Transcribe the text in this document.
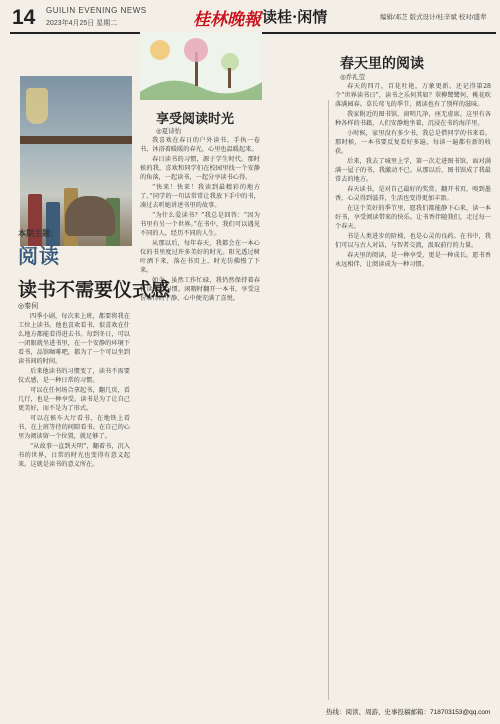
14 GUILIN EVENING NEWS
2023年4月25日 星期二	桂林晚報 读桂·闲情	编辑/邓芝 版式设计/桂辛斌 校对/盛辈
本期主题：
阅读
读书不需要仪式感
◎秦伺

四季小剧，每次来上班，都要将我在工位上读书。他也喜欢看书，很喜欢在什么地方都能看得进去书。每到冬日，可以一闭眼就坐进书里，在一个安静的环境下看书，品馆咖啡吧，都为了一个可以坐到读书间的时间。

后来他读书的习惯变了，读书不需要仪式感，是一种日常的习惯。

可以在任何场合拿起书，翻几页，看几行，也是一种享受。读书是为了让自己更美好，而不是为了形式。

可以在候车大厅看书，在地铁上看书，在上班等待的间隙看书。在自己的心里为阅读留一个位置，就足够了。

“从故事一直到天明”，翻着书，沉入书的世界，日常的时光也变得有意义起来。这就是读书的意义所在。

享受阅读时光
◎夏诗怡

我喜欢在春日的户外读书。手执一卷书，沐浴着暖暖的春光，心里也温暖起来。

春日读书的习惯，源于学生时代。那时候的我，喜欢和同学们在校园里找一个安静的角落，一起读书，一起分享读书心得。

“快来！快来！我读到最精彩的地方了。”同学的一句话常常让我放下手中的书，凑过去听她讲述书里的故事。

“为什么爱读书？”我总是回答：“因为书里有另一个世界。”在书中，我们可以遇见不同的人，经历不同的人生。

从那以后，每年春天，我都会在一本心仪的书里度过许多美好的时光。阳光透过树叶洒下来，落在书页上，时光仿佛慢了下来。

如今，虽然工作忙碌，我仍然保持着春日读书的习惯。闲暇时翻开一本书，享受这份难得的宁静，心中便充满了喜悦。

春天里的阅读
◎乔礼莹

春天的四月，百花吐艳，万象更新。还记得第28个“世界读书日”，读书之乐何其如？翠柳鹭鹭何，桃花吹落满园春。草长莺飞的季节，阅读也有了别样的滋味。

我家附近的图书馆，窗明几净，座无虚席。这里有各种各样的书籍，人们安静地坐着，沉浸在书的海洋里。

小时候，家里没有多少书，我总是借同学的书来看。那时候，一本书要反复看好多遍，每读一遍都有新的收获。

后来，我去了城里上学，第一次走进图书馆，面对满满一屋子的书，我激动不已。从那以后，图书馆成了我最常去的地方。

春天读书，是对自己最好的奖赏。翻开书页，嗅到墨香，心灵得到滋养，生活也变得更加丰盈。

在这个美好的季节里，愿我们都能静下心来，读一本好书，享受阅读带来的快乐。让书香伴随我们，走过每一个春天。

书是人类进步的阶梯，也是心灵的良药。在书中，我们可以与古人对话，与智者交流，汲取前行的力量。

春天里的阅读，是一种享受，更是一种成长。愿书香永远相伴，让阅读成为一种习惯。

热线：阅读、周游、史事投稿邮箱：718703153@qq.com
